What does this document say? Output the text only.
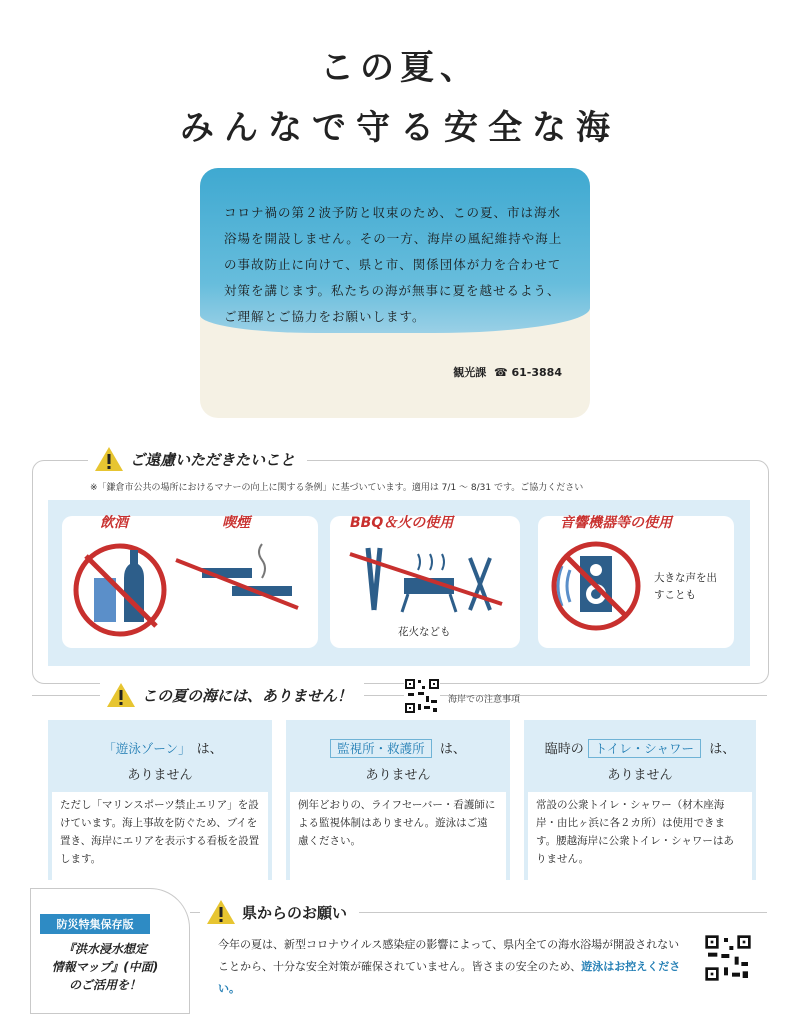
この夏、
みんなで守る安全な海
コロナ禍の第２波予防と収束のため、この夏、市は海水浴場を開設しません。その一方、海岸の風紀維持や海上の事故防止に向けて、県と市、関係団体が力を合わせて対策を講じます。私たちの海が無事に夏を越せるよう、ご理解とご協力をお願いします。
観光課 ☎ 61-3884
ご遠慮いただきたいこと
※「鎌倉市公共の場所におけるマナーの向上に関する条例」に基づいています。適用は 7/1 〜 8/31 です。ご協力ください
飲酒	喫煙	BBQ＆火の使用
花火なども
音響機器等の使用
大きな声を出すことも
この夏の海には、ありません！	海岸での注意事項
「遊泳ゾーン」 は、
ありません
ただし「マリンスポーツ禁止エリア」を設けています。海上事故を防ぐため、ブイを置き、海岸にエリアを表示する看板を設置します。
監視所・救護所 は、
ありません
例年どおりの、ライフセーバー・看護師による監視体制はありません。遊泳はご遠慮ください。
臨時の トイレ・シャワー は、
ありません
常設の公衆トイレ・シャワー（材木座海岸・由比ヶ浜に各２カ所）は使用できます。腰越海岸に公衆トイレ・シャワーはありません。
県からのお願い
今年の夏は、新型コロナウイルス感染症の影響によって、県内全ての海水浴場が開設されないことから、十分な安全対策が確保されていません。皆さまの安全のため、遊泳はお控えください。
防災特集保存版
『洪水浸水想定
情報マップ』(中面)
のご活用を！
